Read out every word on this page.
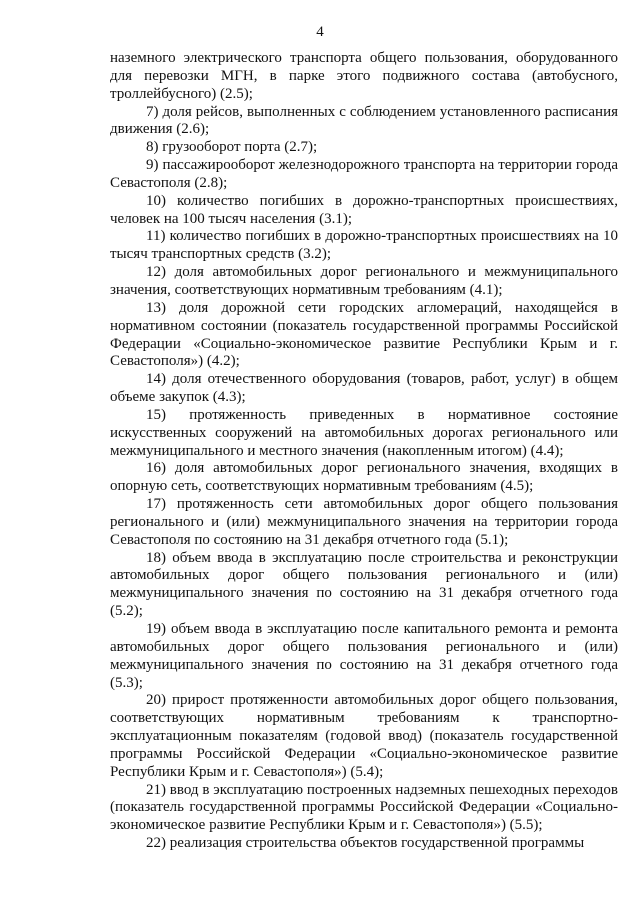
4

наземного электрического транспорта общего пользования, оборудованного для перевозки МГН, в парке этого подвижного состава (автобусного, троллейбусного) (2.5);

7) доля рейсов, выполненных с соблюдением установленного расписания движения (2.6);

8) грузооборот порта (2.7);

9) пассажирооборот железнодорожного транспорта на территории города Севастополя (2.8);

10) количество погибших в дорожно-транспортных происшествиях, человек на 100 тысяч населения (3.1);

11) количество погибших в дорожно-транспортных происшествиях на 10 тысяч транспортных средств (3.2);

12) доля автомобильных дорог регионального и межмуниципального значения, соответствующих нормативным требованиям (4.1);

13) доля дорожной сети городских агломераций, находящейся в нормативном состоянии (показатель государственной программы Российской Федерации «Социально-экономическое развитие Республики Крым и г. Севастополя») (4.2);

14) доля отечественного оборудования (товаров, работ, услуг) в общем объеме закупок (4.3);

15) протяженность приведенных в нормативное состояние искусственных сооружений на автомобильных дорогах регионального или межмуниципального и местного значения (накопленным итогом) (4.4);

16) доля автомобильных дорог регионального значения, входящих в опорную сеть, соответствующих нормативным требованиям (4.5);

17) протяженность сети автомобильных дорог общего пользования регионального и (или) межмуниципального значения на территории города Севастополя по состоянию на 31 декабря отчетного года (5.1);

18) объем ввода в эксплуатацию после строительства и реконструкции автомобильных дорог общего пользования регионального и (или) межмуниципального значения по состоянию на 31 декабря отчетного года (5.2);

19) объем ввода в эксплуатацию после капитального ремонта и ремонта автомобильных дорог общего пользования регионального и (или) межмуниципального значения по состоянию на 31 декабря отчетного года (5.3);

20) прирост протяженности автомобильных дорог общего пользования, соответствующих нормативным требованиям к транспортно-эксплуатационным показателям (годовой ввод) (показатель государственной программы Российской Федерации «Социально-экономическое развитие Республики Крым и г. Севастополя») (5.4);

21) ввод в эксплуатацию построенных надземных пешеходных переходов (показатель государственной программы Российской Федерации «Социально-экономическое развитие Республики Крым и г. Севастополя») (5.5);

22) реализация строительства объектов государственной программы
